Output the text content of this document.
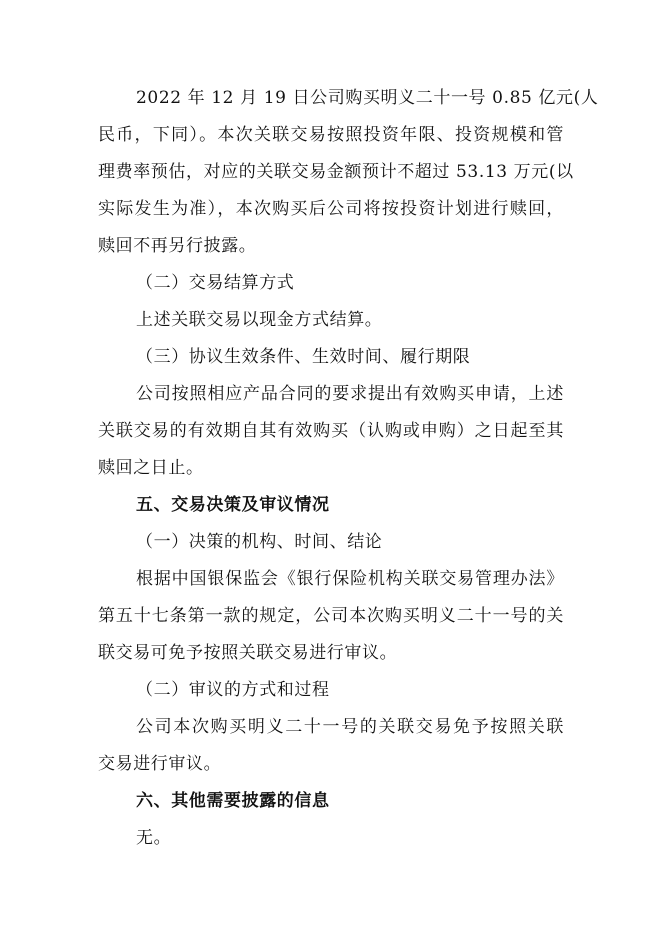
2022 年 12 月 19 日公司购买明义二十一号 0.85 亿元(人
民币，下同）。本次关联交易按照投资年限、投资规模和管
理费率预估，对应的关联交易金额预计不超过 53.13 万元(以
实际发生为准），本次购买后公司将按投资计划进行赎回，
赎回不再另行披露。
（二）交易结算方式
上述关联交易以现金方式结算。
（三）协议生效条件、生效时间、履行期限
公司按照相应产品合同的要求提出有效购买申请，上述
关联交易的有效期自其有效购买（认购或申购）之日起至其
赎回之日止。
五、交易决策及审议情况
（一）决策的机构、时间、结论
根据中国银保监会《银行保险机构关联交易管理办法》
第五十七条第一款的规定，公司本次购买明义二十一号的关
联交易可免予按照关联交易进行审议。
（二）审议的方式和过程
公司本次购买明义二十一号的关联交易免予按照关联
交易进行审议。
六、其他需要披露的信息
无。
